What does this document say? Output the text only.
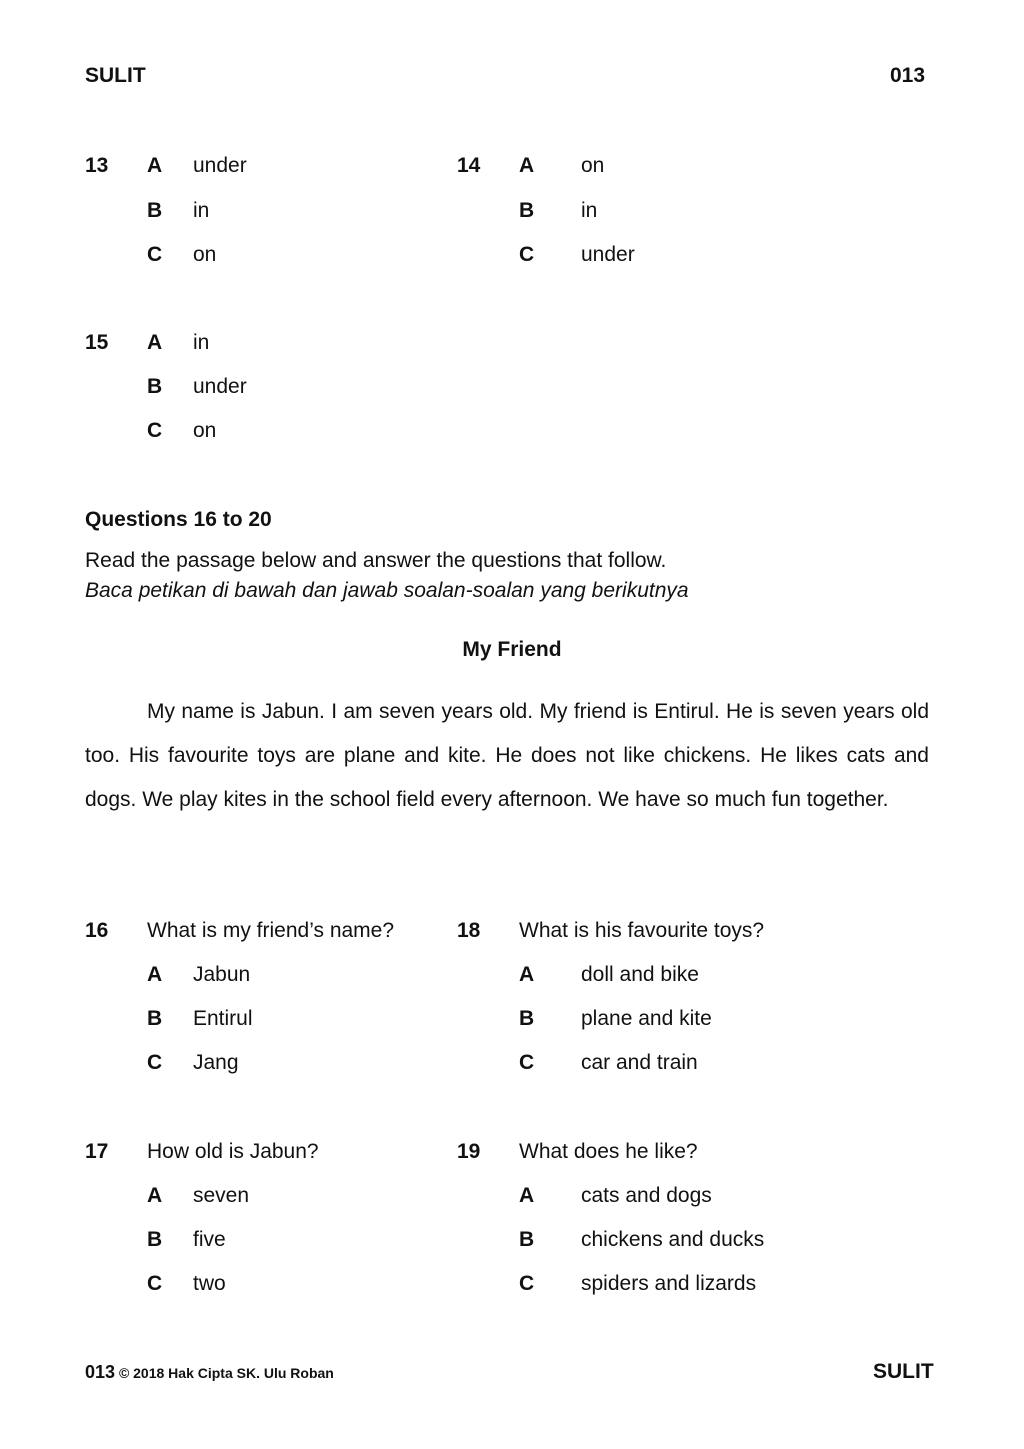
SULIT	013
13 A under
B in
C on
14 A on
B in
C under
15 A in
B under
C on
Questions 16 to 20
Read the passage below and answer the questions that follow.
Baca petikan di bawah dan jawab soalan-soalan yang berikutnya
My Friend
My name is Jabun. I am seven years old. My friend is Entirul. He is seven years old too. His favourite toys are plane and kite. He does not like chickens. He likes cats and dogs. We play kites in the school field every afternoon. We have so much fun together.
16 What is my friend’s name?
A Jabun
B Entirul
C Jang
18 What is his favourite toys?
A doll and bike
B plane and kite
C car and train
17 How old is Jabun?
A seven
B five
C two
19 What does he like?
A cats and dogs
B chickens and ducks
C spiders and lizards
013 © 2018 Hak Cipta SK. Ulu Roban	SULIT
